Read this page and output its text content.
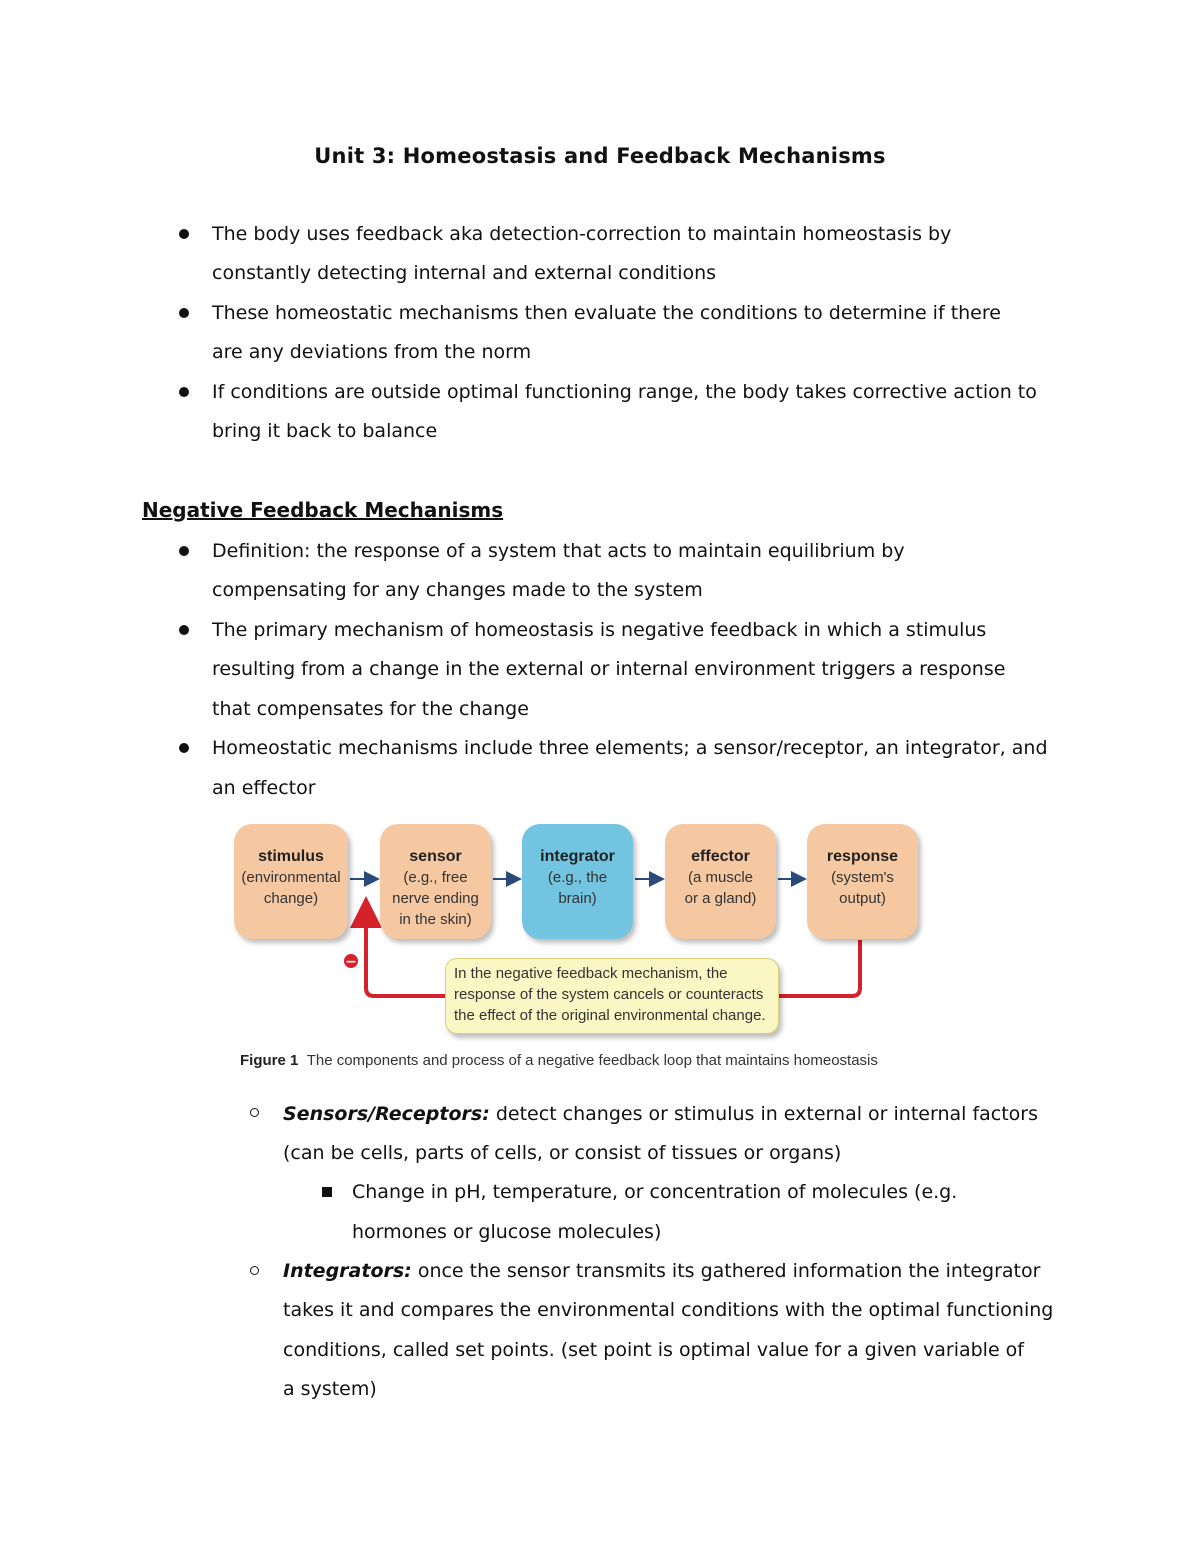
Unit 3: Homeostasis and Feedback Mechanisms
The body uses feedback aka detection-correction to maintain homeostasis by
constantly detecting internal and external conditions
These homeostatic mechanisms then evaluate the conditions to determine if there
are any deviations from the norm
If conditions are outside optimal functioning range, the body takes corrective action to
bring it back to balance
Negative Feedback Mechanisms
Definition: the response of a system that acts to maintain equilibrium by
compensating for any changes made to the system
The primary mechanism of homeostasis is negative feedback in which a stimulus
resulting from a change in the external or internal environment triggers a response
that compensates for the change
Homeostatic mechanisms include three elements; a sensor/receptor, an integrator, and
an effector
−
stimulus
(environmental
change)
sensor
(e.g., free
nerve ending
in the skin)
integrator
(e.g., the
brain)
effector
(a muscle
or a gland)
response
(system's
output)
In the negative feedback mechanism, the
response of the system cancels or counteracts
the effect of the original environmental change.
Figure 1 The components and process of a negative feedback loop that maintains homeostasis
Sensors/Receptors: detect changes or stimulus in external or internal factors
(can be cells, parts of cells, or consist of tissues or organs)
Change in pH, temperature, or concentration of molecules (e.g.
hormones or glucose molecules)
Integrators: once the sensor transmits its gathered information the integrator
takes it and compares the environmental conditions with the optimal functioning
conditions, called set points. (set point is optimal value for a given variable of
a system)
